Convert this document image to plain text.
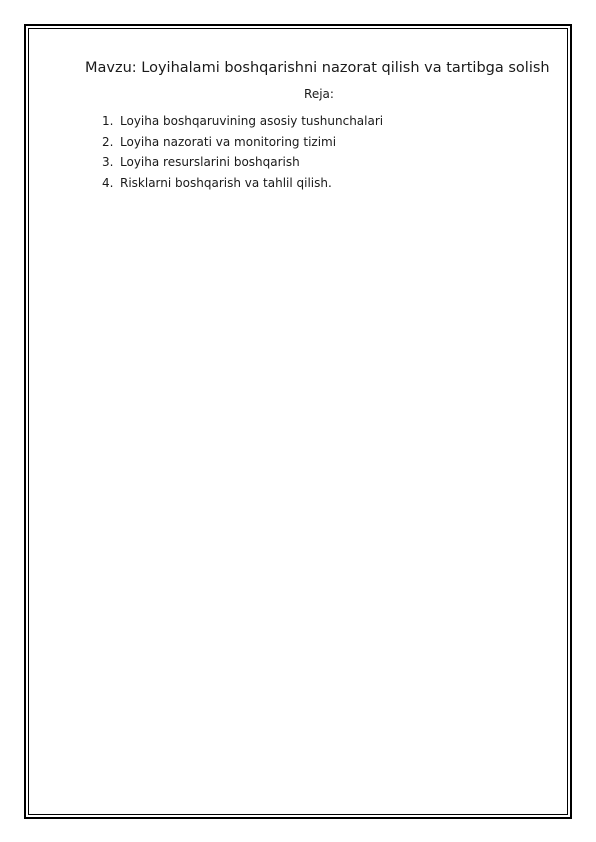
Mavzu: Loyihalami boshqarishni nazorat qilish va tartibga solish

Reja:

1. Loyiha boshqaruvining asosiy tushunchalari
2. Loyiha nazorati va monitoring tizimi
3. Loyiha resurslarini boshqarish
4. Risklarni boshqarish va tahlil qilish.
